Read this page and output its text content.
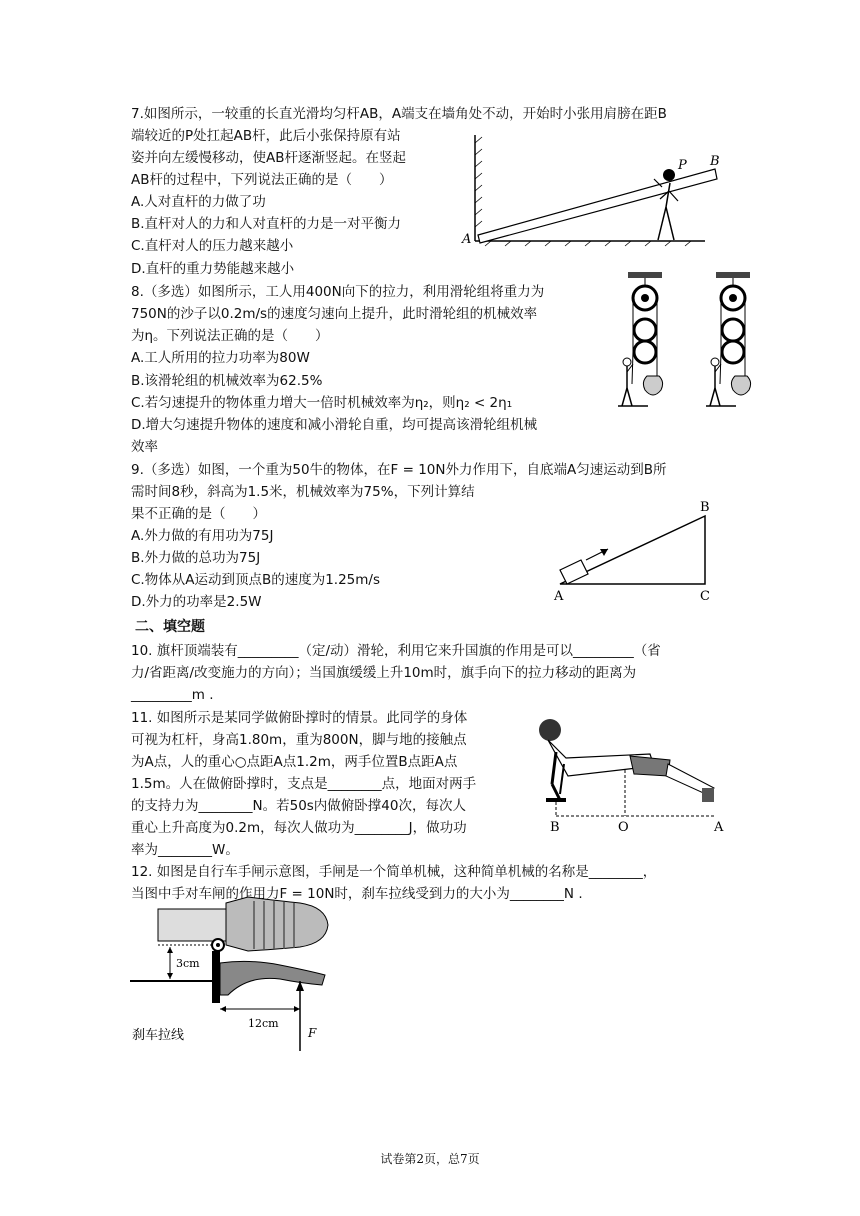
7.如图所示，一较重的长直光滑均匀杆AB，A端支在墙角处不动，开始时小张用肩膀在距B
端较近的P处扛起AB杆，此后小张保持原有站
姿并向左缓慢移动，使AB杆逐渐竖起。在竖起
AB杆的过程中，下列说法正确的是（　　）
A.人对直杆的力做了功
B.直杆对人的力和人对直杆的力是一对平衡力
C.直杆对人的压力越来越小
D.直杆的重力势能越来越小
A
B
P
8.（多选）如图所示，工人用400N向下的拉力，利用滑轮组将重力为
750N的沙子以0.2m/s的速度匀速向上提升，此时滑轮组的机械效率
为η。下列说法正确的是（　　）
A.工人所用的拉力功率为80W
B.该滑轮组的机械效率为62.5%
C.若匀速提升的物体重力增大一倍时机械效率为η₂，则η₂ < 2η₁
D.增大匀速提升物体的速度和减小滑轮自重，均可提高该滑轮组机械
效率
9.（多选）如图，一个重为50牛的物体，在F = 10N外力作用下，自底端A匀速运动到B所
需时间8秒，斜高为1.5米，机械效率为75%，下列计算结
果不正确的是（　　）
A.外力做的有用功为75J
B.外力做的总功为75J
C.物体从A运动到顶点B的速度为1.25m/s
D.外力的功率是2.5W	A
B
C
二、填空题
10. 旗杆顶端装有_________（定/动）滑轮，利用它来升国旗的作用是可以_________（省
力/省距离/改变施力的方向）；当国旗缓缓上升10m时，旗手向下的拉力移动的距离为
_________m .
11. 如图所示是某同学做俯卧撑时的情景。此同学的身体
可视为杠杆，身高1.80m，重为800N，脚与地的接触点
为A点，人的重心○点距A点1.2m，两手位置B点距A点
1.5m。人在做俯卧撑时，支点是________点，地面对两手
的支持力为________N。若50s内做俯卧撑40次，每次人
重心上升高度为0.2m，每次人做功为________J，做功功
率为________W。
B	O	A
12. 如图是自行车手闸示意图，手闸是一个简单机械，这种简单机械的名称是________，
当图中手对车闸的作用力F = 10N时，刹车拉线受到力的大小为________N .
3cm
12cm
F
刹车拉线
试卷第2页，总7页
